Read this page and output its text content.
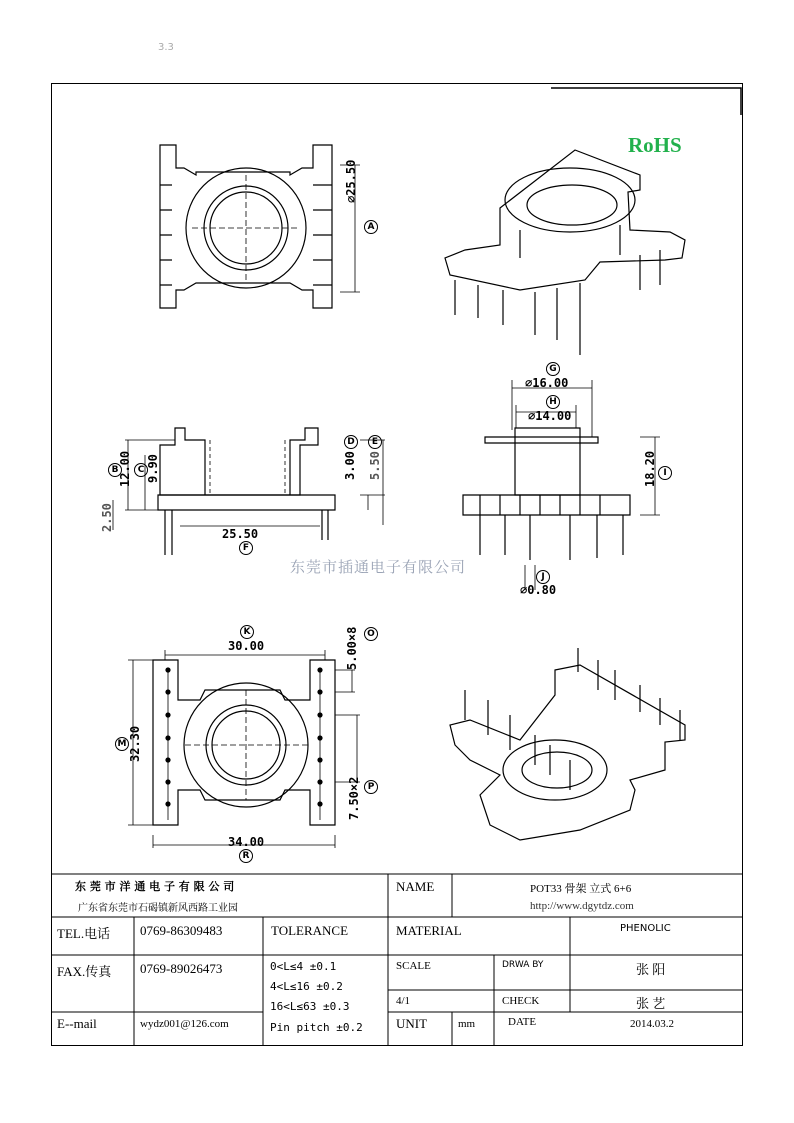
3.3
RoHS
东莞市插通电子有限公司
⌀25.50
A
G
⌀16.00
H
⌀14.00
18.20 I
J
⌀0.80
B 12.00 C 9.90	3.00
D
5.50
E
2.50
25.50
F
K
30.00	5.00×8 O
M 32.30
7.50×2 P
34.00
R
东 莞 市 洋 通 电 子 有 限 公 司
广东省东莞市石碣镇新风西路工业园
NAME	POT33 骨架 立式 6+6
http://www.dgytdz.com
TEL.电话 0769-86309483	TOLERANCE	MATERIAL	PHENOLIC
FAX.传真 0769-89026473	0<L≤4 ±0.1
4<L≤16 ±0.2
16<L≤63 ±0.3
Pin pitch ±0.2
SCALE	DRWA BY	张 阳
4/1	CHECK	张 艺
E--mail	wydz001@126.com	UNIT	mm	DATE	2014.03.2
